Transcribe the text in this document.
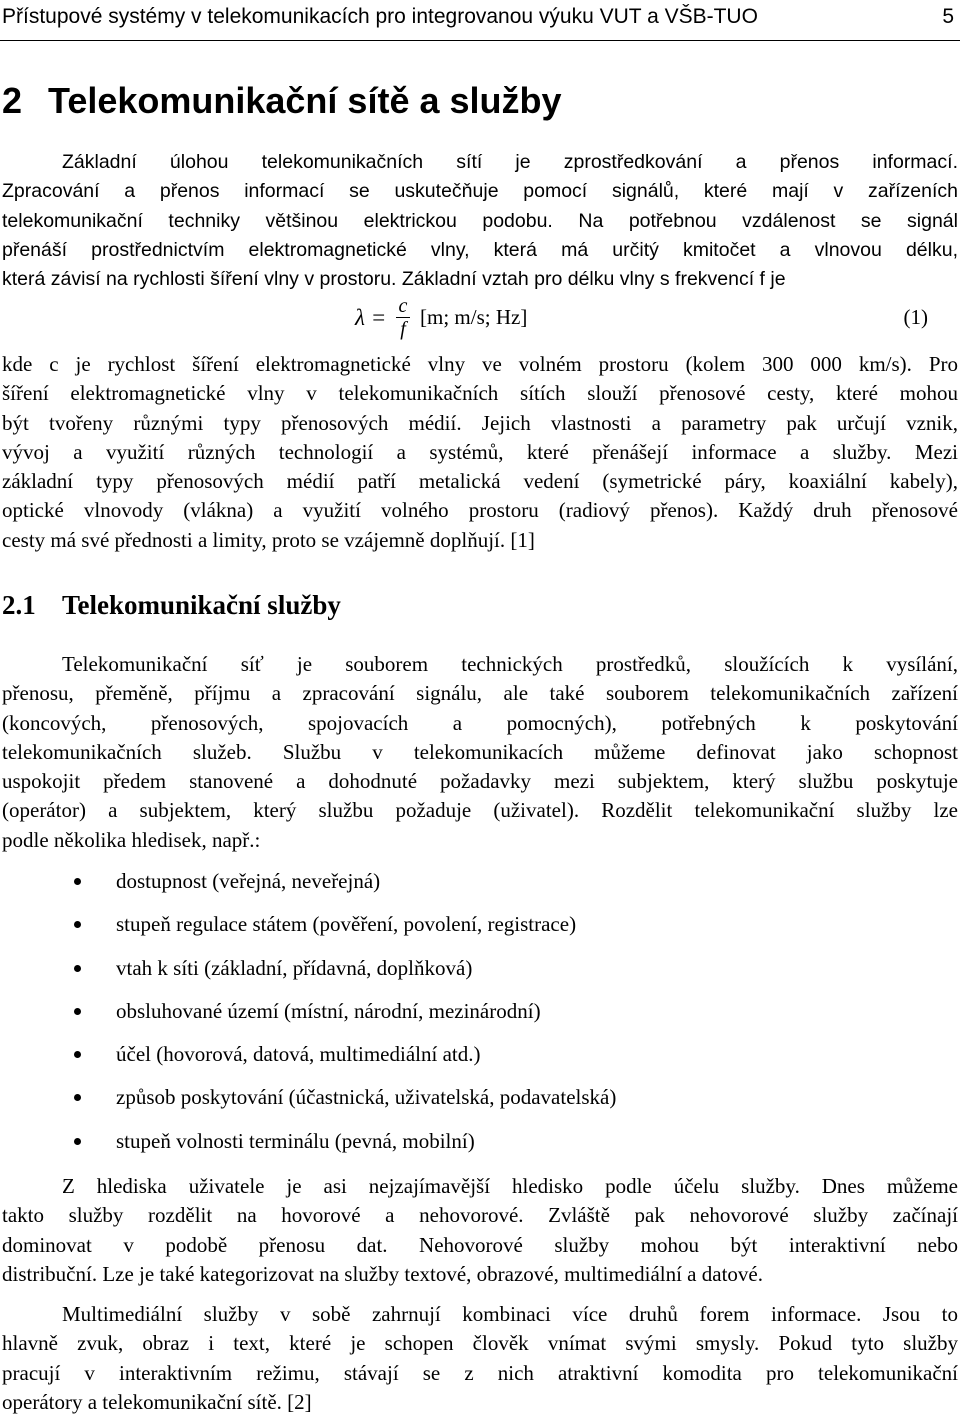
Přístupové systémy v telekomunikacích pro integrovanou výuku VUT a VŠB-TUO	5
2 Telekomunikační sítě a služby
Základní úlohou telekomunikačních sítí je zprostředkování a přenos informací.
Zpracování a přenos informací se uskutečňuje pomocí signálů, které mají v zařízeních
telekomunikační techniky většinou elektrickou podobu. Na potřebnou vzdálenost se signál
přenáší prostřednictvím elektromagnetické vlny, která má určitý kmitočet a vlnovou délku,
která závisí na rychlosti šíření vlny v prostoru. Základní vztah pro délku vlny s frekvencí f je
λ = c
f [m; m/s; Hz]	(1)
kde c je rychlost šíření elektromagnetické vlny ve volném prostoru (kolem 300 000 km/s). Pro
šíření elektromagnetické vlny v telekomunikačních sítích slouží přenosové cesty, které mohou
být tvořeny různými typy přenosových médií. Jejich vlastnosti a parametry pak určují vznik,
vývoj a využití různých technologií a systémů, které přenášejí informace a služby. Mezi
základní typy přenosových médií patří metalická vedení (symetrické páry, koaxiální kabely),
optické vlnovody (vlákna) a využití volného prostoru (radiový přenos). Každý druh přenosové
cesty má své přednosti a limity, proto se vzájemně doplňují. [1]
2.1 Telekomunikační služby
Telekomunikační síť je souborem technických prostředků, sloužících k vysílání,
přenosu, přeměně, příjmu a zpracování signálu, ale také souborem telekomunikačních zařízení
(koncových, přenosových, spojovacích a pomocných), potřebných k poskytování
telekomunikačních služeb. Službu v telekomunikacích můžeme definovat jako schopnost
uspokojit předem stanovené a dohodnuté požadavky mezi subjektem, který službu poskytuje
(operátor) a subjektem, který službu požaduje (uživatel). Rozdělit telekomunikační služby lze
podle několika hledisek, např.:
dostupnost (veřejná, neveřejná)
stupeň regulace státem (pověření, povolení, registrace)
vtah k síti (základní, přídavná, doplňková)
obsluhované území (místní, národní, mezinárodní)
účel (hovorová, datová, multimediální atd.)
způsob poskytování (účastnická, uživatelská, podavatelská)
stupeň volnosti terminálu (pevná, mobilní)
Z hlediska uživatele je asi nejzajímavější hledisko podle účelu služby. Dnes můžeme
takto služby rozdělit na hovorové a nehovorové. Zvláště pak nehovorové služby začínají
dominovat v podobě přenosu dat. Nehovorové služby mohou být interaktivní nebo
distribuční. Lze je také kategorizovat na služby textové, obrazové, multimediální a datové.
Multimediální služby v sobě zahrnují kombinaci více druhů forem informace. Jsou to
hlavně zvuk, obraz i text, které je schopen člověk vnímat svými smysly. Pokud tyto služby
pracují v interaktivním režimu, stávají se z nich atraktivní komodita pro telekomunikační
operátory a telekomunikační sítě. [2]
